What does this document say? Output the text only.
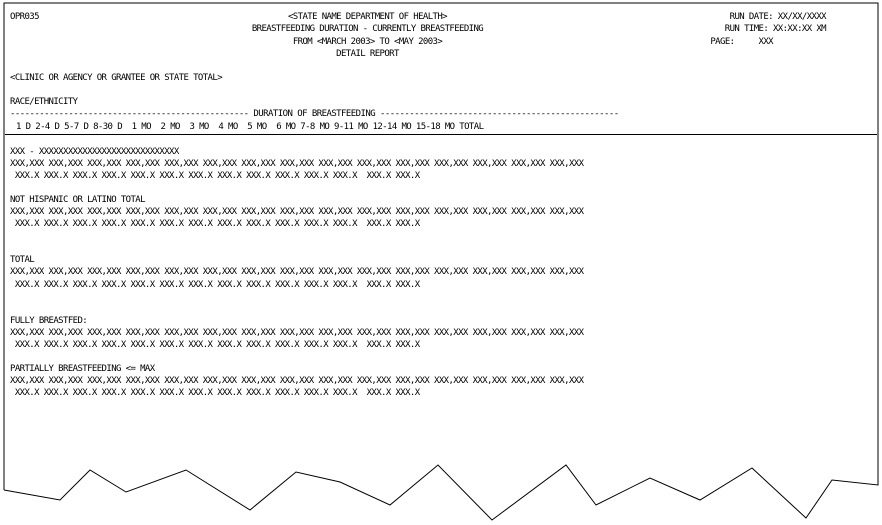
OPR035	<STATE NAME DEPARTMENT OF HEALTH>
BREASTFEEDING DURATION - CURRENTLY BREASTFEEDING
FROM <MARCH 2003> TO <MAY 2003>
DETAIL REPORT
RUN DATE: XX/XX/XXXX
RUN TIME: XX:XX:XX XM
PAGE:     XXX
<CLINIC OR AGENCY OR GRANTEE OR STATE TOTAL>
RACE/ETHNICITY
------------------------------------------------- DURATION OF BREASTFEEDING -------------------------------------------------
1 D 2-4 D 5-7 D 8-30 D  1 MO  2 MO  3 MO  4 MO  5 MO  6 MO 7-8 MO 9-11 MO 12-14 MO 15-18 MO TOTAL
XXX - XXXXXXXXXXXXXXXXXXXXXXXXXXXXX
XXX,XXX XXX,XXX XXX,XXX XXX,XXX XXX,XXX XXX,XXX XXX,XXX XXX,XXX XXX,XXX XXX,XXX XXX,XXX XXX,XXX XXX,XXX XXX,XXX XXX,XXX
XXX.X XXX.X XXX.X XXX.X XXX.X XXX.X XXX.X XXX.X XXX.X XXX.X XXX.X XXX.X  XXX.X XXX.X
NOT HISPANIC OR LATINO TOTAL
XXX,XXX XXX,XXX XXX,XXX XXX,XXX XXX,XXX XXX,XXX XXX,XXX XXX,XXX XXX,XXX XXX,XXX XXX,XXX XXX,XXX XXX,XXX XXX,XXX XXX,XXX
XXX.X XXX.X XXX.X XXX.X XXX.X XXX.X XXX.X XXX.X XXX.X XXX.X XXX.X XXX.X  XXX.X XXX.X
TOTAL
XXX,XXX XXX,XXX XXX,XXX XXX,XXX XXX,XXX XXX,XXX XXX,XXX XXX,XXX XXX,XXX XXX,XXX XXX,XXX XXX,XXX XXX,XXX XXX,XXX XXX,XXX
XXX.X XXX.X XXX.X XXX.X XXX.X XXX.X XXX.X XXX.X XXX.X XXX.X XXX.X XXX.X  XXX.X XXX.X
FULLY BREASTFED:
XXX,XXX XXX,XXX XXX,XXX XXX,XXX XXX,XXX XXX,XXX XXX,XXX XXX,XXX XXX,XXX XXX,XXX XXX,XXX XXX,XXX XXX,XXX XXX,XXX XXX,XXX
XXX.X XXX.X XXX.X XXX.X XXX.X XXX.X XXX.X XXX.X XXX.X XXX.X XXX.X XXX.X  XXX.X XXX.X
PARTIALLY BREASTFEEDING <= MAX
XXX,XXX XXX,XXX XXX,XXX XXX,XXX XXX,XXX XXX,XXX XXX,XXX XXX,XXX XXX,XXX XXX,XXX XXX,XXX XXX,XXX XXX,XXX XXX,XXX XXX,XXX
XXX.X XXX.X XXX.X XXX.X XXX.X XXX.X XXX.X XXX.X XXX.X XXX.X XXX.X XXX.X  XXX.X XXX.X
